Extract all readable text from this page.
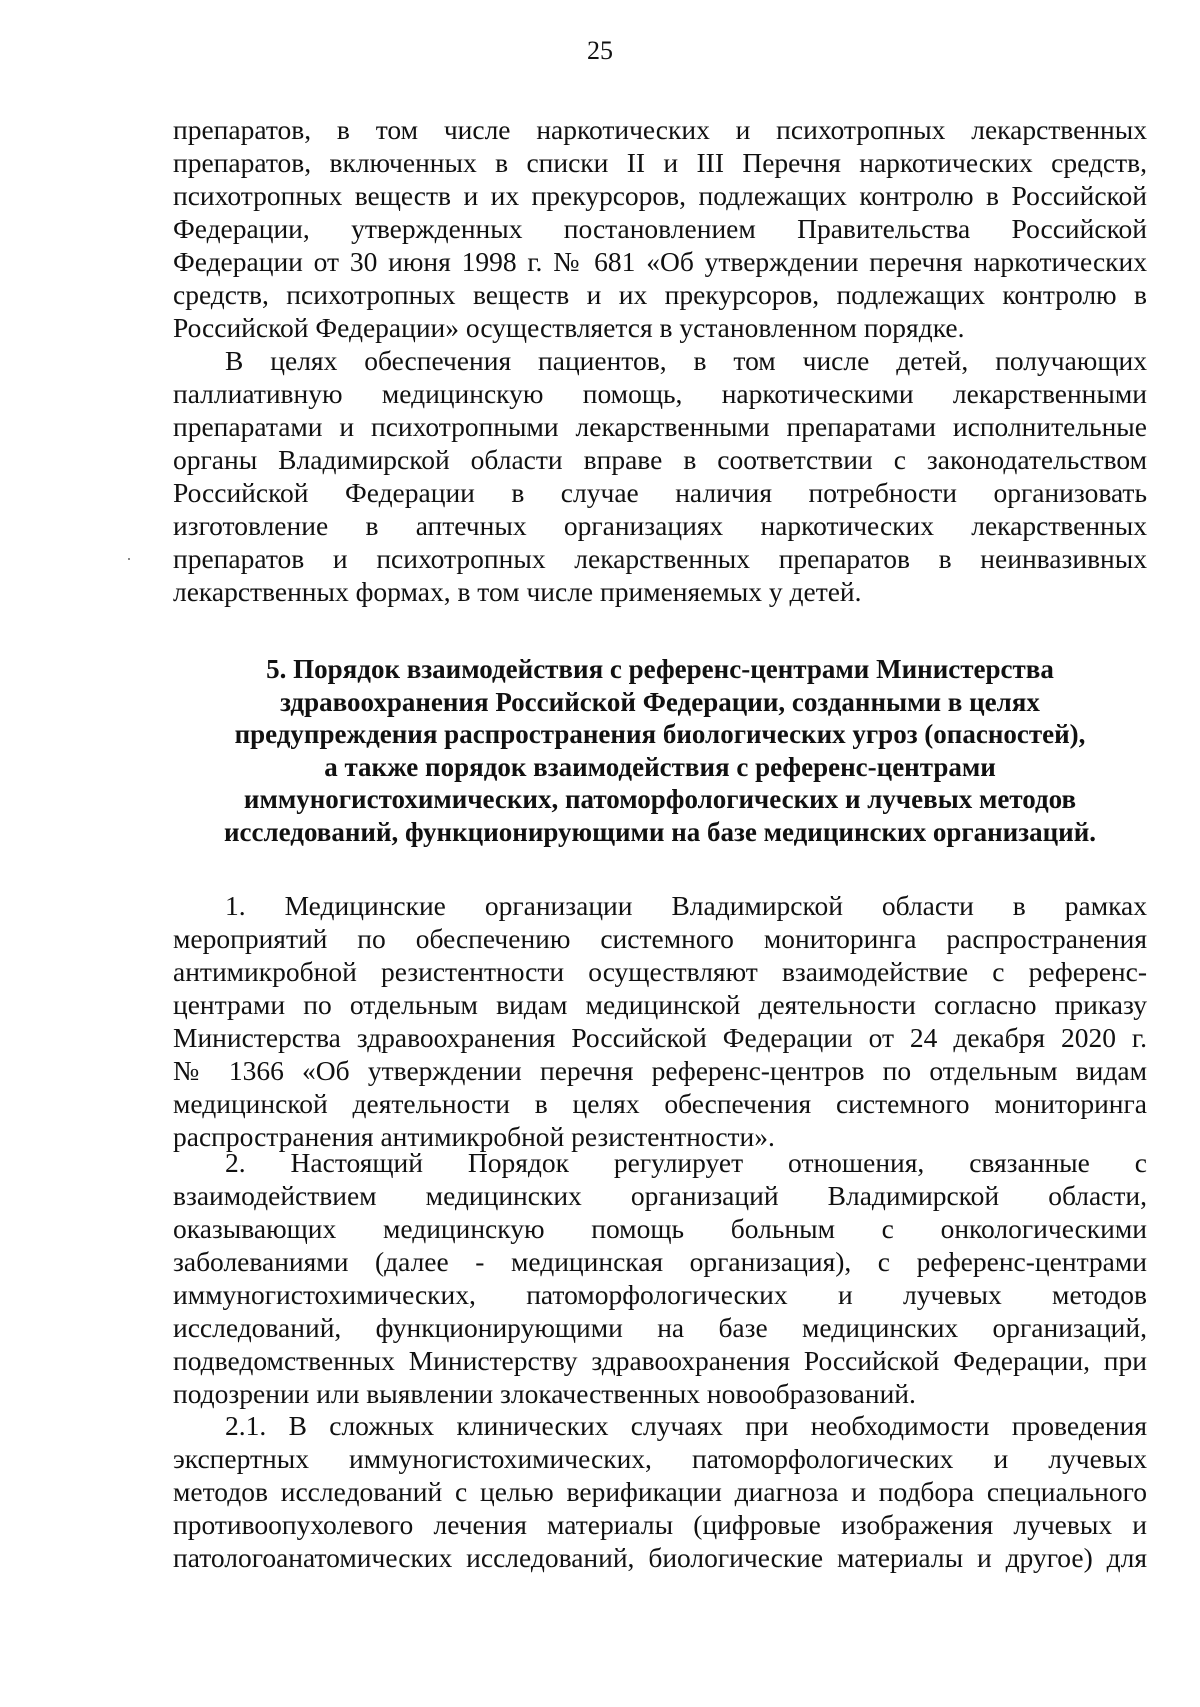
25
препаратов, в том числе наркотических и психотропных лекарственных
препаратов, включенных в списки II и III Перечня наркотических средств,
психотропных веществ и их прекурсоров, подлежащих контролю в Российской
Федерации, утвержденных постановлением Правительства Российской
Федерации от 30 июня 1998 г. № 681 «Об утверждении перечня наркотических
средств, психотропных веществ и их прекурсоров, подлежащих контролю в
Российской Федерации» осуществляется в установленном порядке.
В целях обеспечения пациентов, в том числе детей, получающих
паллиативную медицинскую помощь, наркотическими лекарственными
препаратами и психотропными лекарственными препаратами исполнительные
органы Владимирской области вправе в соответствии с законодательством
Российской Федерации в случае наличия потребности организовать
изготовление в аптечных организациях наркотических лекарственных
препаратов и психотропных лекарственных препаратов в неинвазивных
лекарственных формах, в том числе применяемых у детей.
5. Порядок взаимодействия с референс-центрами Министерства
здравоохранения Российской Федерации, созданными в целях
предупреждения распространения биологических угроз (опасностей),
а также порядок взаимодействия с референс-центрами
иммуногистохимических, патоморфологических и лучевых методов
исследований, функционирующими на базе медицинских организаций.
1. Медицинские организации Владимирской области в рамках
мероприятий по обеспечению системного мониторинга распространения
антимикробной резистентности осуществляют взаимодействие с референс-
центрами по отдельным видам медицинской деятельности согласно приказу
Министерства здравоохранения Российской Федерации от 24 декабря 2020 г.
№ 1366 «Об утверждении перечня референс-центров по отдельным видам
медицинской деятельности в целях обеспечения системного мониторинга
распространения антимикробной резистентности».
2. Настоящий Порядок регулирует отношения, связанные с
взаимодействием медицинских организаций Владимирской области,
оказывающих медицинскую помощь больным с онкологическими
заболеваниями (далее - медицинская организация), с референс-центрами
иммуногистохимических, патоморфологических и лучевых методов
исследований, функционирующими на базе медицинских организаций,
подведомственных Министерству здравоохранения Российской Федерации, при
подозрении или выявлении злокачественных новообразований.
2.1. В сложных клинических случаях при необходимости проведения
экспертных иммуногистохимических, патоморфологических и лучевых
методов исследований с целью верификации диагноза и подбора специального
противоопухолевого лечения материалы (цифровые изображения лучевых и
патологоанатомических исследований, биологические материалы и другое) для
